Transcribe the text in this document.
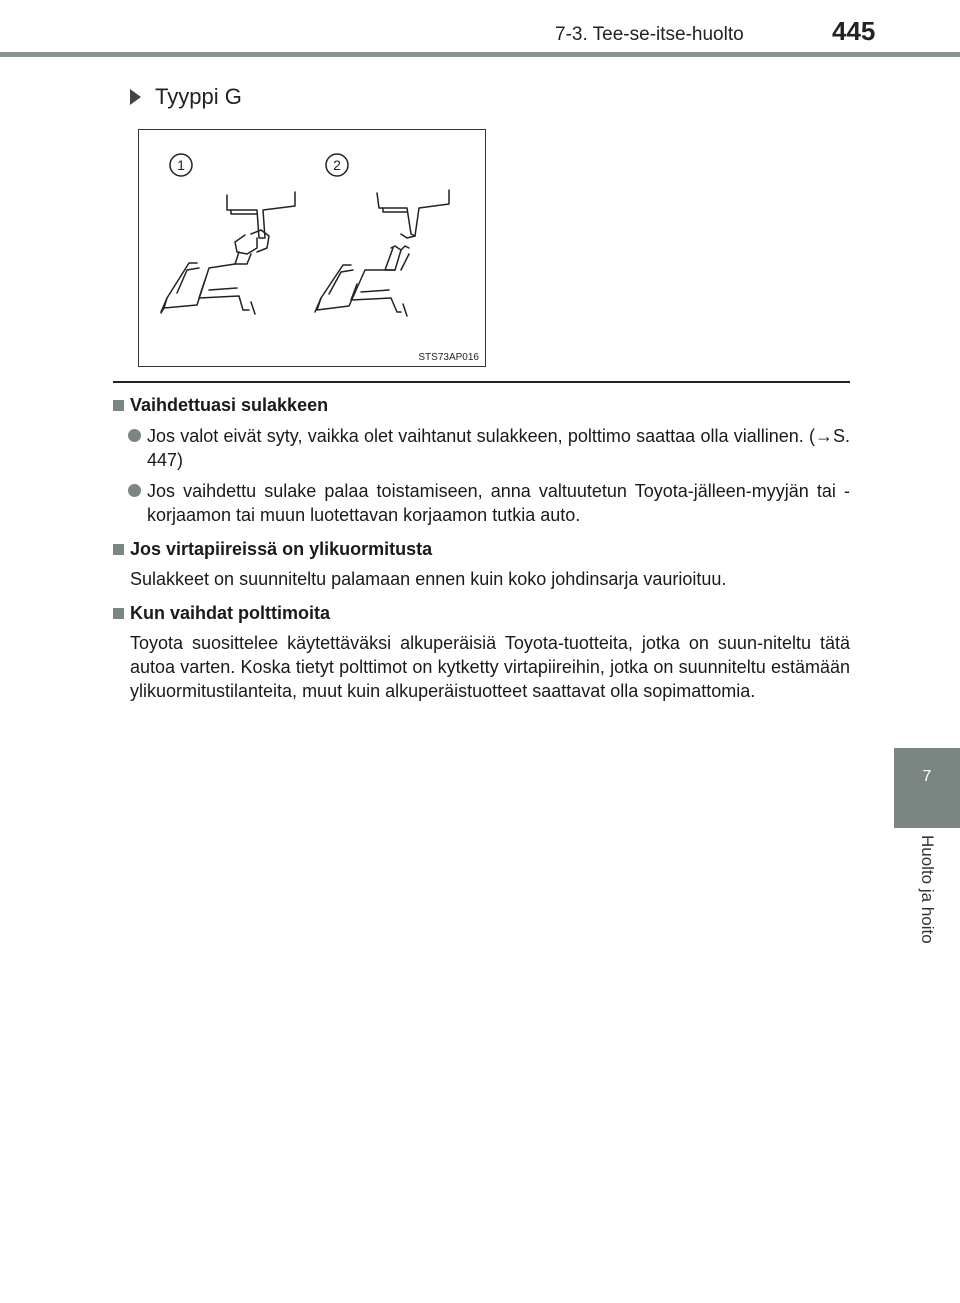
7-3. Tee-se-itse-huolto	445
7
Huolto ja hoito
Tyyppi G
1	2
STS73AP016
Vaihdettuasi sulakkeen
Jos valot eivät syty, vaikka olet vaihtanut sulakkeen, polttimo saattaa olla viallinen. (→S. 447)
Jos vaihdettu sulake palaa toistamiseen, anna valtuutetun Toyota-jälleen-myyjän tai -korjaamon tai muun luotettavan korjaamon tutkia auto.
Jos virtapiireissä on ylikuormitusta
Sulakkeet on suunniteltu palamaan ennen kuin koko johdinsarja vaurioituu.
Kun vaihdat polttimoita
Toyota suosittelee käytettäväksi alkuperäisiä Toyota-tuotteita, jotka on suun-niteltu tätä autoa varten. Koska tietyt polttimot on kytketty virtapiireihin, jotka on suunniteltu estämään ylikuormitustilanteita, muut kuin alkuperäistuotteet saattavat olla sopimattomia.
